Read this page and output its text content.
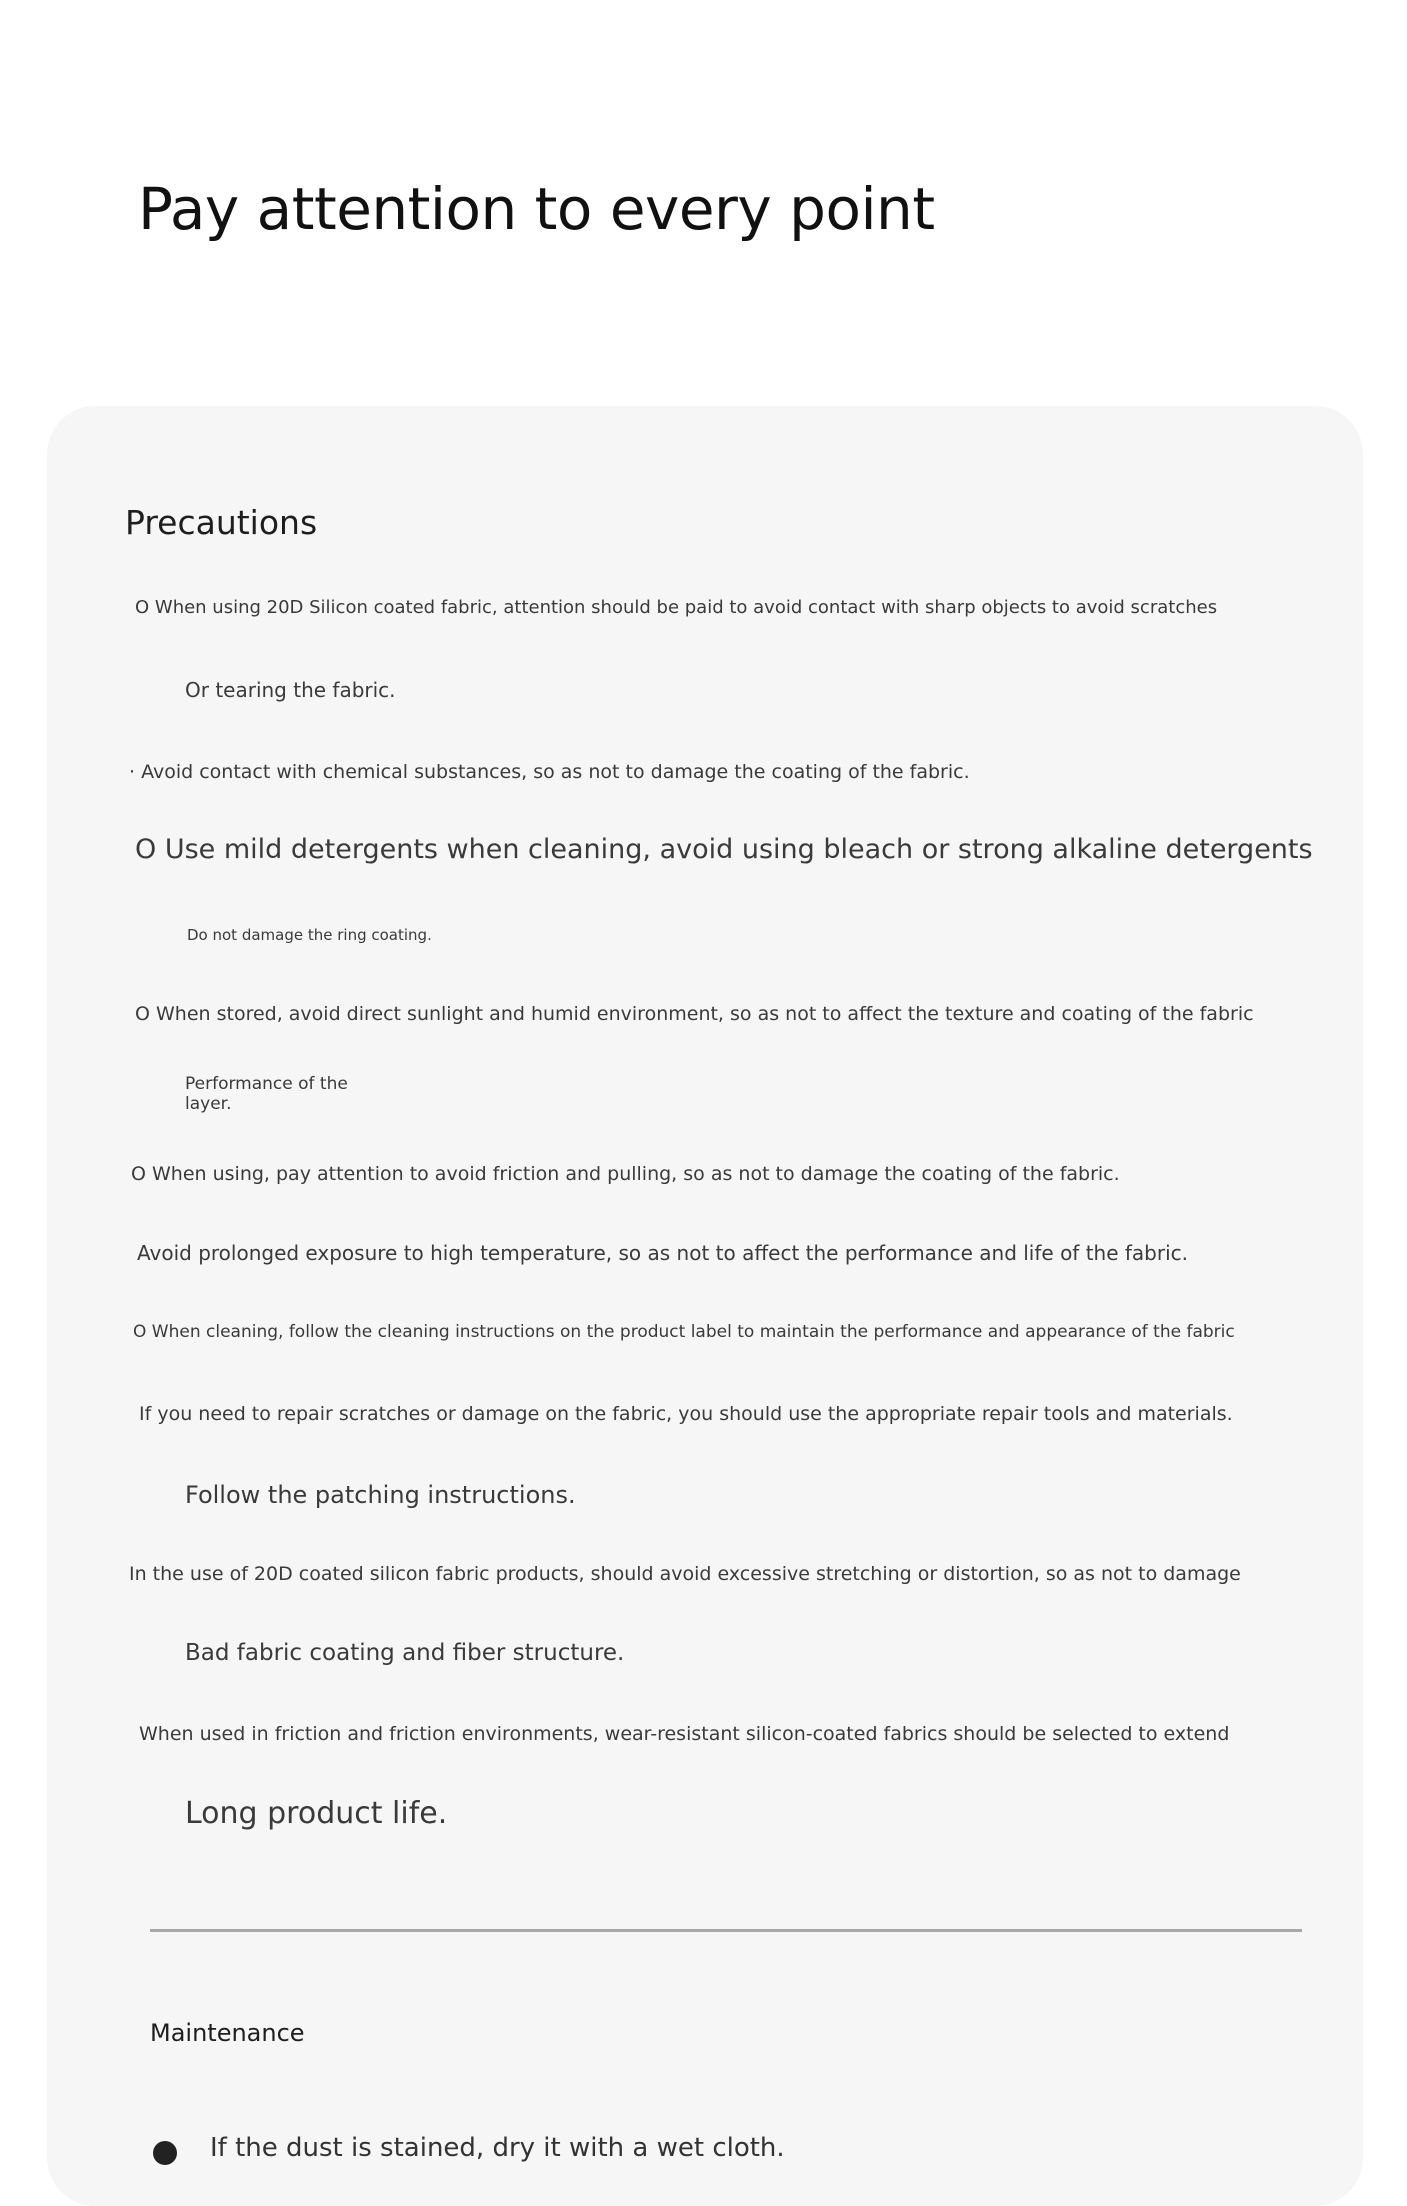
Pay attention to every point
Precautions
O When using 20D Silicon coated fabric, attention should be paid to avoid contact with sharp objects to avoid scratches
Or tearing the fabric.
· Avoid contact with chemical substances, so as not to damage the coating of the fabric.
O Use mild detergents when cleaning, avoid using bleach or strong alkaline detergents
Do not damage the ring coating.
O When stored, avoid direct sunlight and humid environment, so as not to affect the texture and coating of the fabric
Performance of the layer.
O When using, pay attention to avoid friction and pulling, so as not to damage the coating of the fabric.
Avoid prolonged exposure to high temperature, so as not to affect the performance and life of the fabric.
O When cleaning, follow the cleaning instructions on the product label to maintain the performance and appearance of the fabric
If you need to repair scratches or damage on the fabric, you should use the appropriate repair tools and materials.
Follow the patching instructions.
In the use of 20D coated silicon fabric products, should avoid excessive stretching or distortion, so as not to damage
Bad fabric coating and fiber structure.
When used in friction and friction environments, wear-resistant silicon-coated fabrics should be selected to extend
Long product life.
Maintenance
If the dust is stained, dry it with a wet cloth.
